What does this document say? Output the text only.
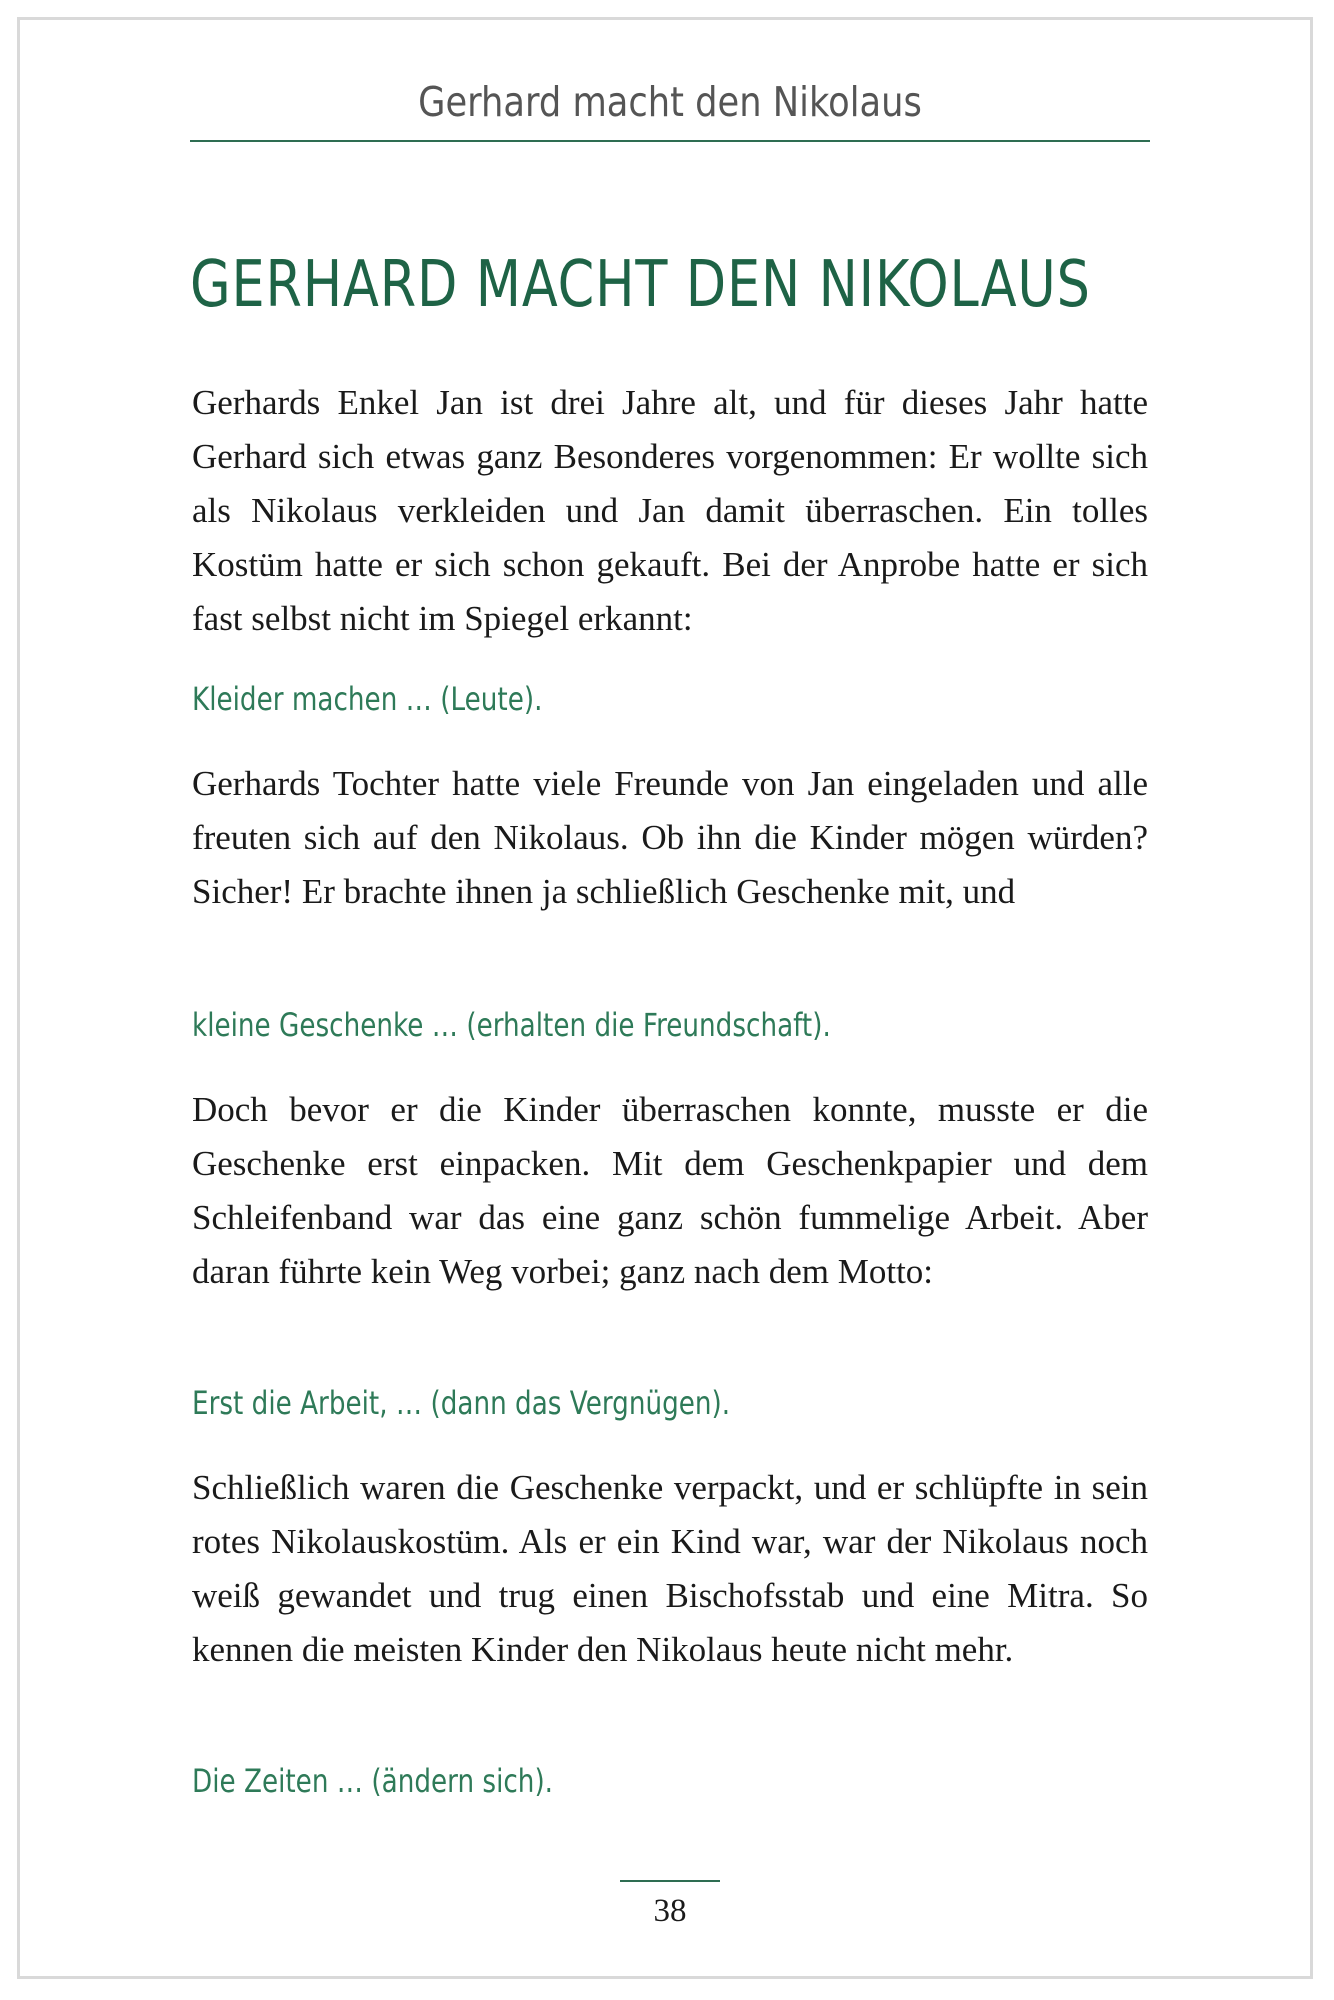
Gerhard macht den Nikolaus
GERHARD MACHT DEN NIKOLAUS

Gerhards Enkel Jan ist drei Jahre alt, und für dieses Jahr hatte Gerhard sich etwas ganz Besonderes vorgenommen: Er wollte sich als Nikolaus verkleiden und Jan damit überraschen. Ein tolles Kostüm hatte er sich schon gekauft. Bei der Anprobe hatte er sich fast selbst nicht im Spiegel erkannt:

Kleider machen … (Leute).

Gerhards Tochter hatte viele Freunde von Jan eingeladen und alle freuten sich auf den Nikolaus. Ob ihn die Kinder mögen würden? Sicher! Er brachte ihnen ja schließlich Geschenke mit, und

kleine Geschenke … (erhalten die Freundschaft).

Doch bevor er die Kinder überraschen konnte, musste er die Geschenke erst einpacken. Mit dem Geschenkpapier und dem Schleifenband war das eine ganz schön fummelige Arbeit. Aber daran führte kein Weg vorbei; ganz nach dem Motto:

Erst die Arbeit, … (dann das Vergnügen).

Schließlich waren die Geschenke verpackt, und er schlüpfte in sein rotes Nikolauskostüm. Als er ein Kind war, war der Nikolaus noch weiß gewandet und trug einen Bischofsstab und eine Mitra. So kennen die meisten Kinder den Nikolaus heute nicht mehr.

Die Zeiten … (ändern sich).
38
